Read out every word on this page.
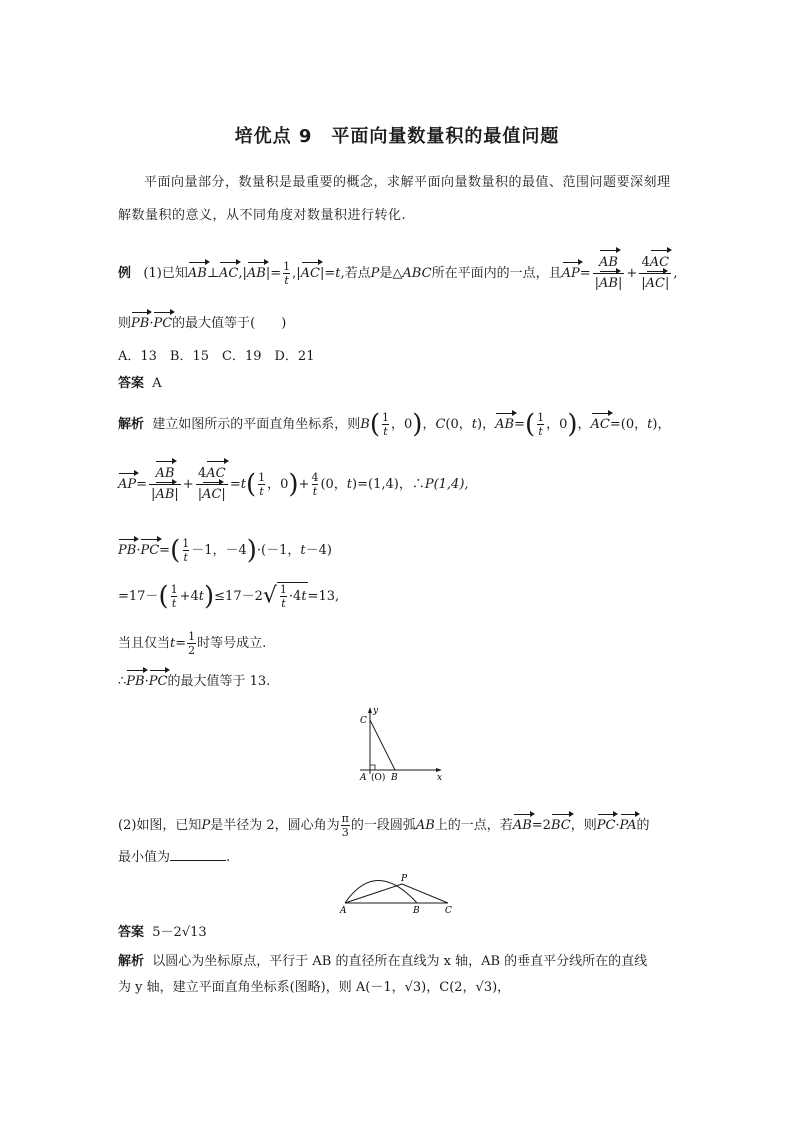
培优点 9　平面向量数量积的最值问题
平面向量部分，数量积是最重要的概念，求解平面向量数量积的最值、范围问题要深刻理解数量积的意义，从不同角度对数量积进行转化.
例 (1)已知AB⊥AC,|AB|= $\frac{1}{t} ,|AC|=t$,若点P是△ABC所在平面内的一点，且$AP= \frac{AB}{|AB|} + \frac{4AC}{|AC|}$ ,
则PB·PC的最大值等于(　　)
A．13　B．15　C．19　D．21
答案 A
解析 建立如图所示的平面直角坐标系，则$B( \frac{1}{t}$ ，0)，C(0，t)，$AB=( \frac{1}{t}$ ，0)，AC=(0，t)，
$AP= \frac{AB}{|AB|} + \frac{4AC}{|AC|} =t( \frac{1}{t}$ ，$0)+ \frac{4}{t} (0$，t)=(1,4)，∴P(1,4),
$PB\cdot PC=( \frac{1}{t} -1$，－4)·(－1，t－4)
$=17-( \frac{1}{t} +4t)\le 17-2√ \frac{1}{t} \cdot 4t=13$,
当且仅当$t= \frac{1}{2}$ 时等号成立.
∴PB·PC的最大值等于 13.
C
y
A (O) B	x
(2)如图，已知P是半径为 2，圆心角为 $\frac{\pi}{3}$ 的一段圆弧AB上的一点，若AB=2BC，则PC·PA的
最小值为	.
P
A	B	C
答案 5－2√13
解析 以圆心为坐标原点，平行于 AB 的直径所在直线为 x 轴，AB 的垂直平分线所在的直线
为 y 轴，建立平面直角坐标系(图略)，则 A(－1，√3)，C(2，√3)，
